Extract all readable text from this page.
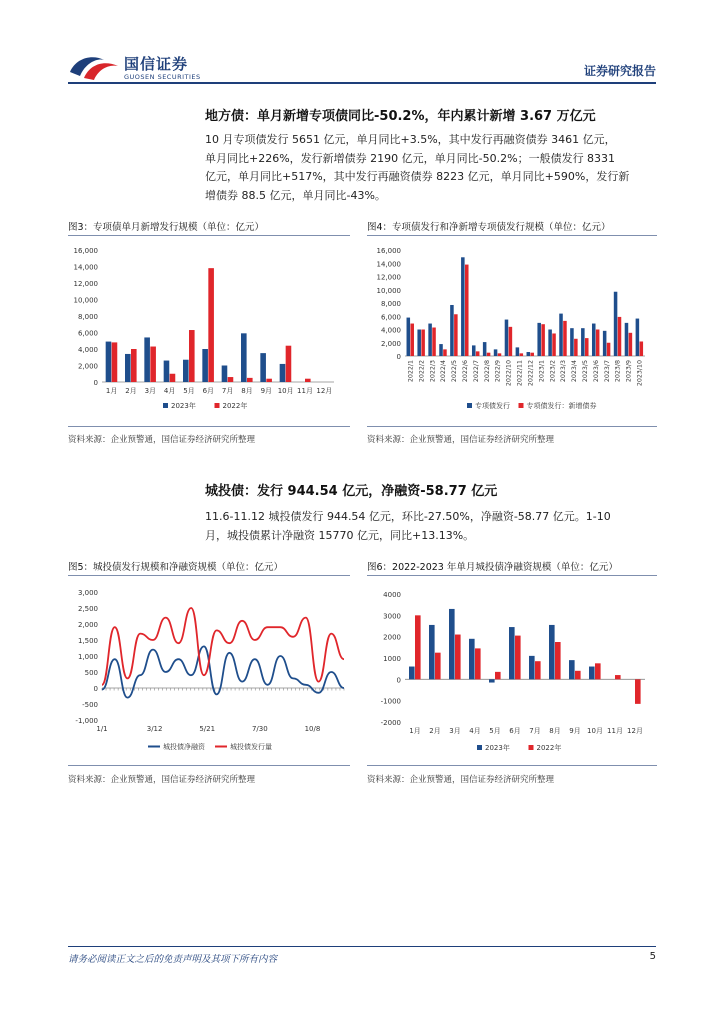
国信证券
GUOSEN SECURITIES	证券研究报告
地方债：单月新增专项债同比-50.2%，年内累计新增 3.67 万亿元
10 月专项债发行 5651 亿元，单月同比+3.5%，其中发行再融资债券 3461 亿元，
单月同比+226%，发行新增债券 2190 亿元，单月同比-50.2%；一般债发行 8331
亿元，单月同比+517%，其中发行再融资债券 8223 亿元，单月同比+590%，发行新
增债券 88.5 亿元，单月同比-43%。
图3：专项债单月新增发行规模（单位：亿元）
0
2,000
4,000
6,000
8,000
10,000
12,000
14,000
16,000
1月 2月 3月 4月 5月 6月 7月 8月 9月 10月 11月 12月
2023年	2022年
资料来源：企业预警通，国信证券经济研究所整理
图4：专项债发行和净新增专项债发行规模（单位：亿元）
0
2,000
4,000
6,000
8,000
10,000
12,000
14,000
16,000
2022/1 2022/2 2022/3 2022/4 2022/5 2022/6 2022/7 2022/8 2022/9 2022/10 2022/11 2022/12 2023/1 2023/2 2023/3 2023/4 2023/5 2023/6 2023/7 2023/8 2023/9 2023/10
专项债发行 专项债发行：新增债券
资料来源：企业预警通，国信证券经济研究所整理
城投债：发行 944.54 亿元，净融资-58.77 亿元
11.6-11.12 城投债发行 944.54 亿元，环比-27.50%，净融资-58.77 亿元。1-10
月，城投债累计净融资 15770 亿元，同比+13.13%。
图5：城投债发行规模和净融资规模（单位：亿元）
-1,000
-500
0
500
1,000
1,500
2,000
2,500
3,000
1/1	3/12	5/21	7/30	10/8
城投债净融资	城投债发行量
资料来源：企业预警通，国信证券经济研究所整理
图6：2022-2023 年单月城投债净融资规模（单位：亿元）
-2000
-1000
0
1000
2000
3000
4000
1月 2月 3月 4月 5月 6月 7月 8月 9月 10月 11月 12月
2023年	2022年
资料来源：企业预警通，国信证券经济研究所整理
请务必阅读正文之后的免责声明及其项下所有内容	5
